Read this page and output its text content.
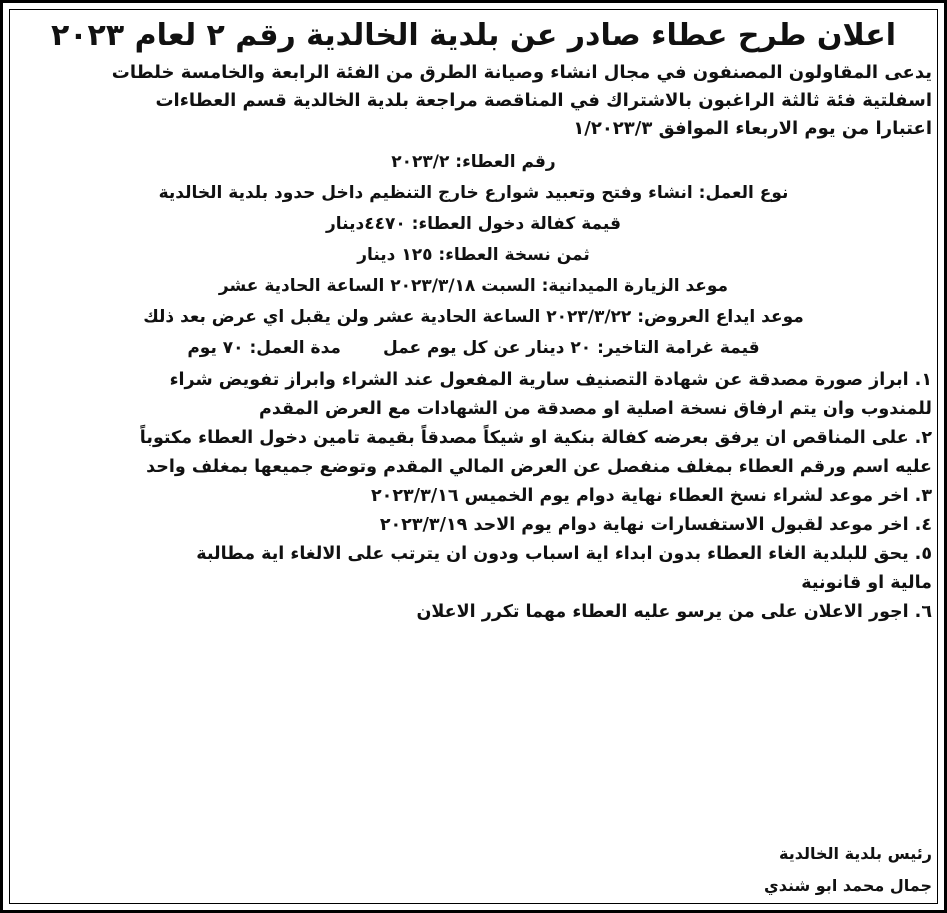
اعلان طرح عطاء صادر عن بلدية الخالدية رقم ٢ لعام ٢٠٢٣
يدعى المقاولون المصنفون في مجال انشاء وصيانة الطرق من الفئة الرابعة والخامسة خلطات
اسفلتية فئة ثالثة الراغبون بالاشتراك في المناقصة مراجعة بلدية الخالدية قسم العطاءات
اعتبارا من يوم الاربعاء الموافق ١/٢٠٢٣/٣
رقم العطاء : ٢٠٢٣/٢
نوع العمل : انشاء وفتح وتعبيد شوارع خارج التنظيم داخل حدود بلدية الخالدية
قيمة كفالة دخول العطاء : ٤٤٧٠دينار
ثمن نسخة العطاء : ١٢٥ دينار
موعد الزيارة الميدانية : السبت ٢٠٢٣/٣/١٨ الساعة الحادية عشر
موعد ايداع العروض : ٢٠٢٣/٣/٢٢ الساعة الحادية عشر ولن يقبل اي عرض بعد ذلك
قيمة غرامة التاخير : ٢٠ دينار عن كل يوم عمل
مدة العمل : ٧٠ يوم
١.ابراز صورة مصدقة عن شهادة التصنيف سارية المفعول عند الشراء وابراز تفويض شراء
للمندوب وان يتم ارفاق نسخة اصلية او مصدقة من الشهادات مع العرض المقدم
٢.على المناقص ان يرفق بعرضه كفالة بنكية او شيكاً مصدقاً بقيمة تامين دخول العطاء مكتوباً
عليه اسم ورقم العطاء بمغلف منفصل عن العرض المالي المقدم وتوضع جميعها بمغلف واحد
٣.اخر موعد لشراء نسخ العطاء نهاية دوام يوم الخميس ٢٠٢٣/٣/١٦
٤.اخر موعد لقبول الاستفسارات نهاية دوام يوم الاحد ٢٠٢٣/٣/١٩
٥.يحق للبلدية الغاء العطاء بدون ابداء اية اسباب ودون ان يترتب على الالغاء اية مطالبة
مالية او قانونية
٦.اجور الاعلان على من يرسو عليه العطاء مهما تكرر الاعلان
رئيس بلدية الخالدية
جمال محمد ابو شندي
